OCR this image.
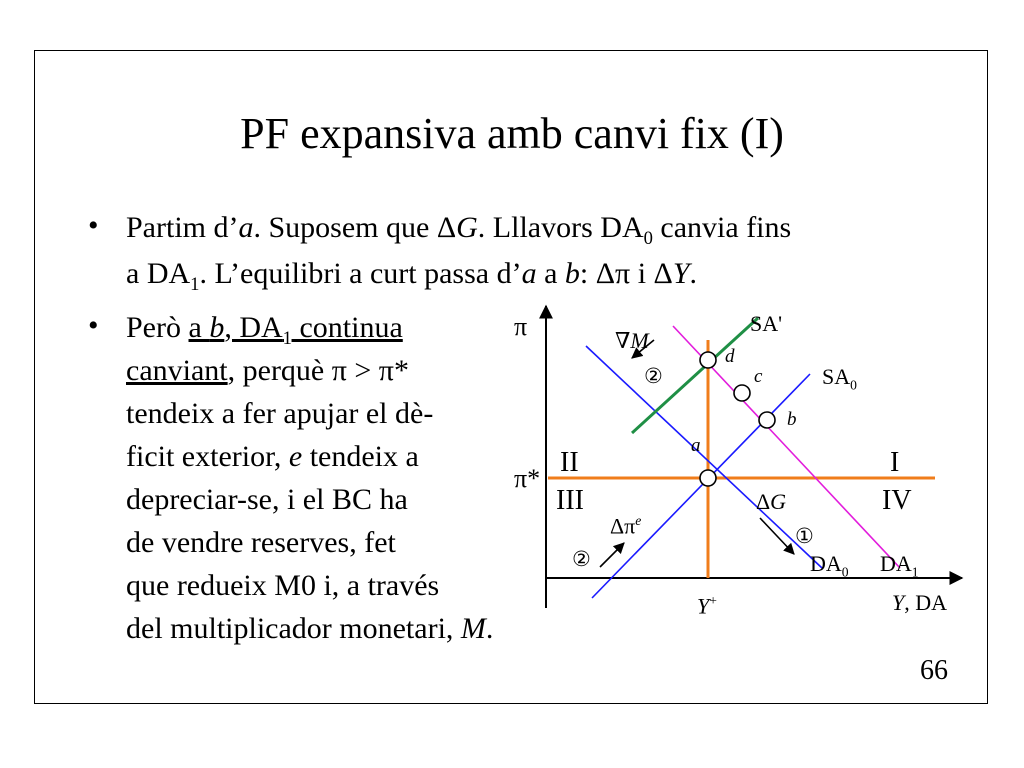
PF expansiva amb canvi fix (I)
• Partim d’a. Suposem que ΔG. Lllavors $DA_0$ canvia fins
a $DA_1$. L’equilibri a curt passa d’a a b: Δπ i ΔY.
• Però a b, $DA_1$ continua
canviant, perquè π > π*
tendeix a fer apujar el dè-
ficit exterior, e tendeix a
depreciar-se, i el BC ha
de vendre reserves, fet
que redueix M0 i, a través
del multiplicador monetari, M.
π
π*
Y, DA
Y+
II
III
I
IV
SA'
$SA_0$
$DA_0$ $DA_1$
a
b
c
d
②
②
①
∇M
ΔG
$\Delta\pi^e$
66
